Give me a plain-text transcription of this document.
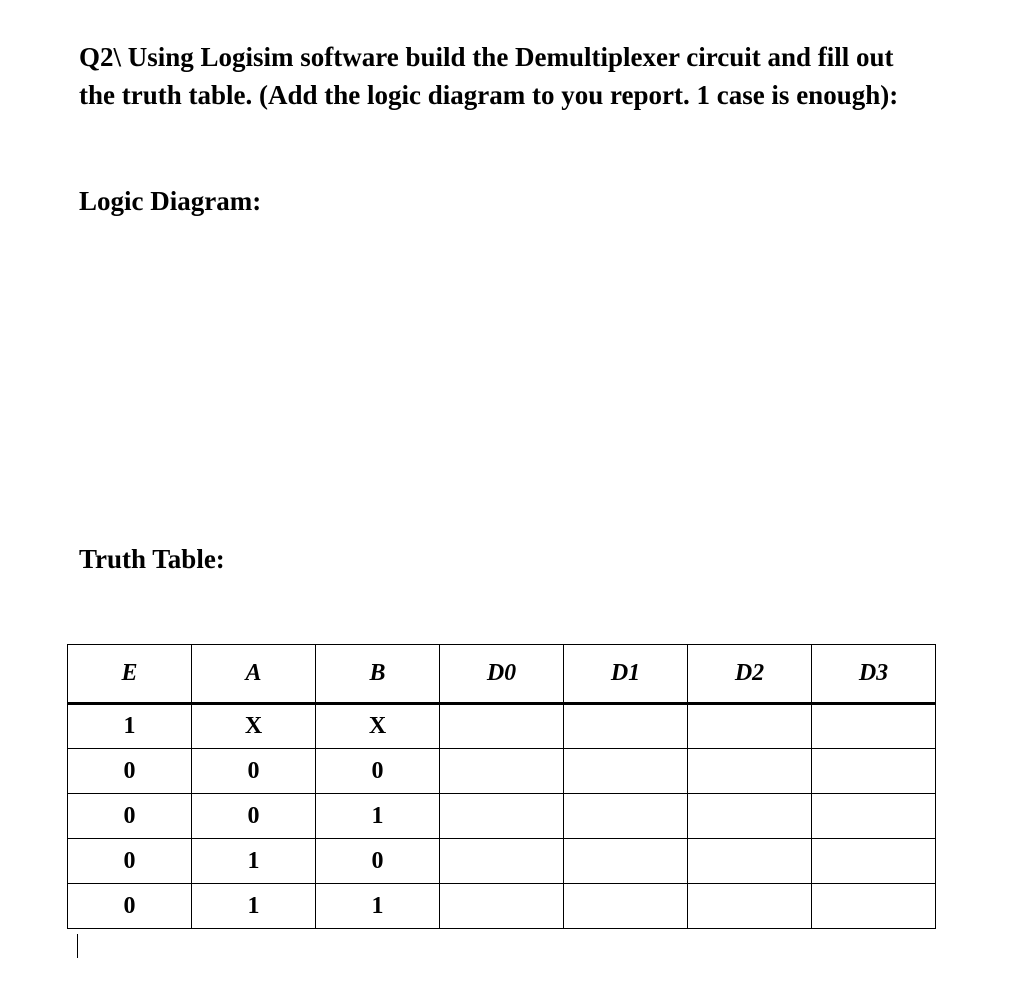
Q2\ Using Logisim software build the Demultiplexer circuit and fill out
the truth table. (Add the logic diagram to you report. 1 case is enough):

Logic Diagram:
Truth Table:
E	A	B	D0	D1	D2	D3
1	X	X				
0	0	0				
0	0	1				
0	1	0				
0	1	1				
